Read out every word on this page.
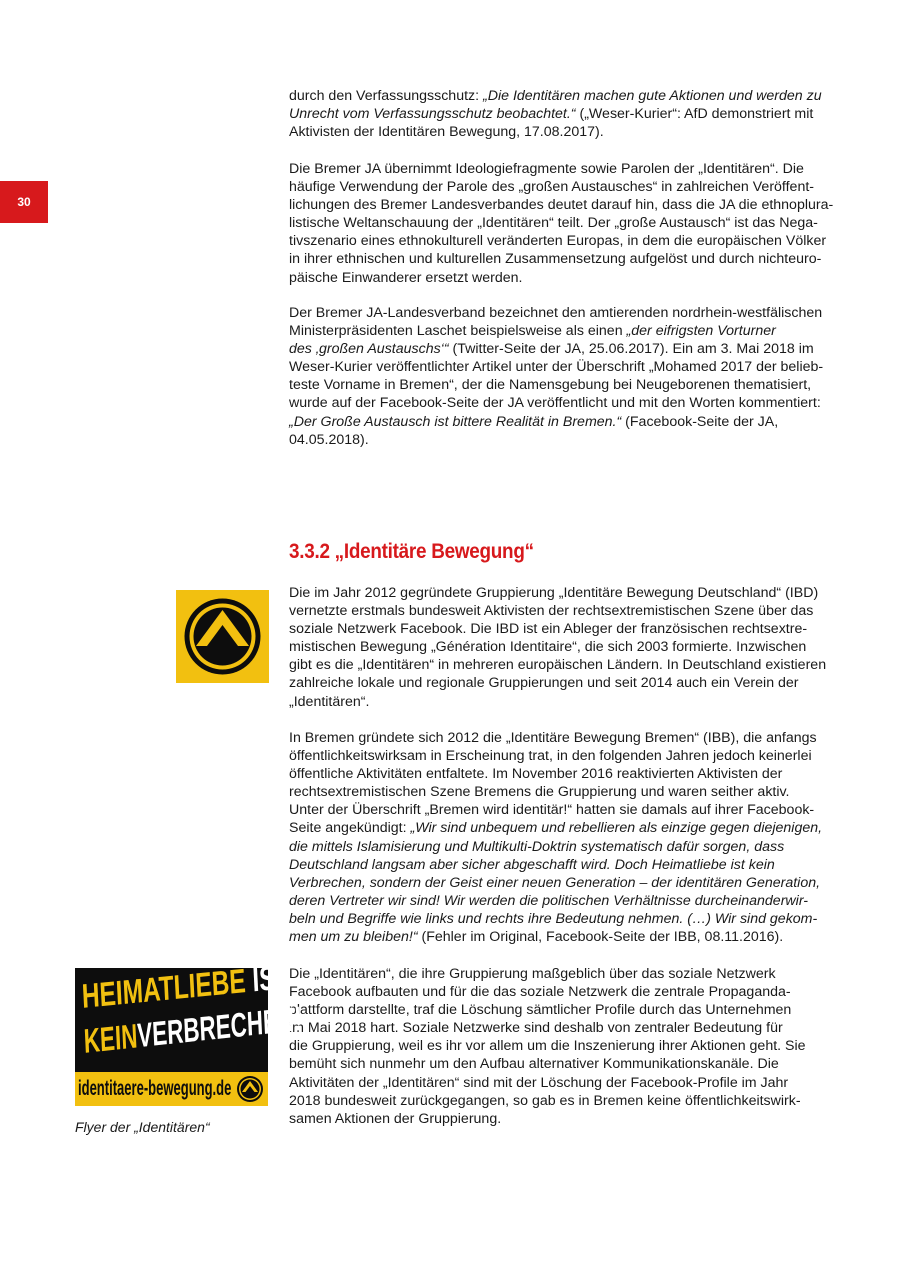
30

durch den Verfassungsschutz: „Die Identitären machen gute Aktionen und werden zu
Unrecht vom Verfassungsschutz beobachtet.“ („Weser-Kurier“: AfD demonstriert mit
Aktivisten der Identitären Bewegung, 17.08.2017).

Die Bremer JA übernimmt Ideologiefragmente sowie Parolen der „Identitären“. Die
häufige Verwendung der Parole des „großen Austausches“ in zahlreichen Veröffent-
lichungen des Bremer Landesverbandes deutet darauf hin, dass die JA die ethnoplura-
listische Weltanschauung der „Identitären“ teilt. Der „große Austausch“ ist das Nega-
tivszenario eines ethnokulturell veränderten Europas, in dem die europäischen Völker
in ihrer ethnischen und kulturellen Zusammensetzung aufgelöst und durch nichteuro-
päische Einwanderer ersetzt werden.

Der Bremer JA-Landesverband bezeichnet den amtierenden nordrhein-westfälischen
Ministerpräsidenten Laschet beispielsweise als einen „der eifrigsten Vorturner
des ‚großen Austauschs‘“ (Twitter-Seite der JA, 25.06.2017). Ein am 3. Mai 2018 im
Weser-Kurier veröffentlichter Artikel unter der Überschrift „Mohamed 2017 der belieb-
teste Vorname in Bremen“, der die Namensgebung bei Neugeborenen thematisiert,
wurde auf der Facebook-Seite der JA veröffentlicht und mit den Worten kommentiert:
„Der Große Austausch ist bittere Realität in Bremen.“ (Facebook-Seite der JA,
04.05.2018).

3.3.2 „Identitäre Bewegung“

Die im Jahr 2012 gegründete Gruppierung „Identitäre Bewegung Deutschland“ (IBD)
vernetzte erstmals bundesweit Aktivisten der rechtsextremistischen Szene über das
soziale Netzwerk Facebook. Die IBD ist ein Ableger der französischen rechtsextre-
mistischen Bewegung „Génération Identitaire“, die sich 2003 formierte. Inzwischen
gibt es die „Identitären“ in mehreren europäischen Ländern. In Deutschland existieren
zahlreiche lokale und regionale Gruppierungen und seit 2014 auch ein Verein der
„Identitären“.

In Bremen gründete sich 2012 die „Identitäre Bewegung Bremen“ (IBB), die anfangs
öffentlichkeitswirksam in Erscheinung trat, in den folgenden Jahren jedoch keinerlei
öffentliche Aktivitäten entfaltete. Im November 2016 reaktivierten Aktivisten der
rechtsextremistischen Szene Bremens die Gruppierung und waren seither aktiv.
Unter der Überschrift „Bremen wird identitär!“ hatten sie damals auf ihrer Facebook-
Seite angekündigt: „Wir sind unbequem und rebellieren als einzige gegen diejenigen,
die mittels Islamisierung und Multikulti-Doktrin systematisch dafür sorgen, dass
Deutschland langsam aber sicher abgeschafft wird. Doch Heimatliebe ist kein
Verbrechen, sondern der Geist einer neuen Generation – der identitären Generation,
deren Vertreter wir sind! Wir werden die politischen Verhältnisse durcheinanderwir-
beln und Begriffe wie links und rechts ihre Bedeutung nehmen. (…) Wir sind gekom-
men um zu bleiben!“ (Fehler im Original, Facebook-Seite der IBB, 08.11.2016).

Die „Identitären“, die ihre Gruppierung maßgeblich über das soziale Netzwerk
Facebook aufbauten und für die das soziale Netzwerk die zentrale Propaganda-
plattform darstellte, traf die Löschung sämtlicher Profile durch das Unternehmen
im Mai 2018 hart. Soziale Netzwerke sind deshalb von zentraler Bedeutung für
die Gruppierung, weil es ihr vor allem um die Inszenierung ihrer Aktionen geht. Sie
bemüht sich nunmehr um den Aufbau alternativer Kommunikationskanäle. Die
Aktivitäten der „Identitären“ sind mit der Löschung der Facebook-Profile im Jahr
2018 bundesweit zurückgegangen, so gab es in Bremen keine öffentlichkeitswirk-
samen Aktionen der Gruppierung.

HEIMATLIEBE IST
KEINVERBRECHEN!
identitaere-bewegung.de

Flyer der „Identitären“
